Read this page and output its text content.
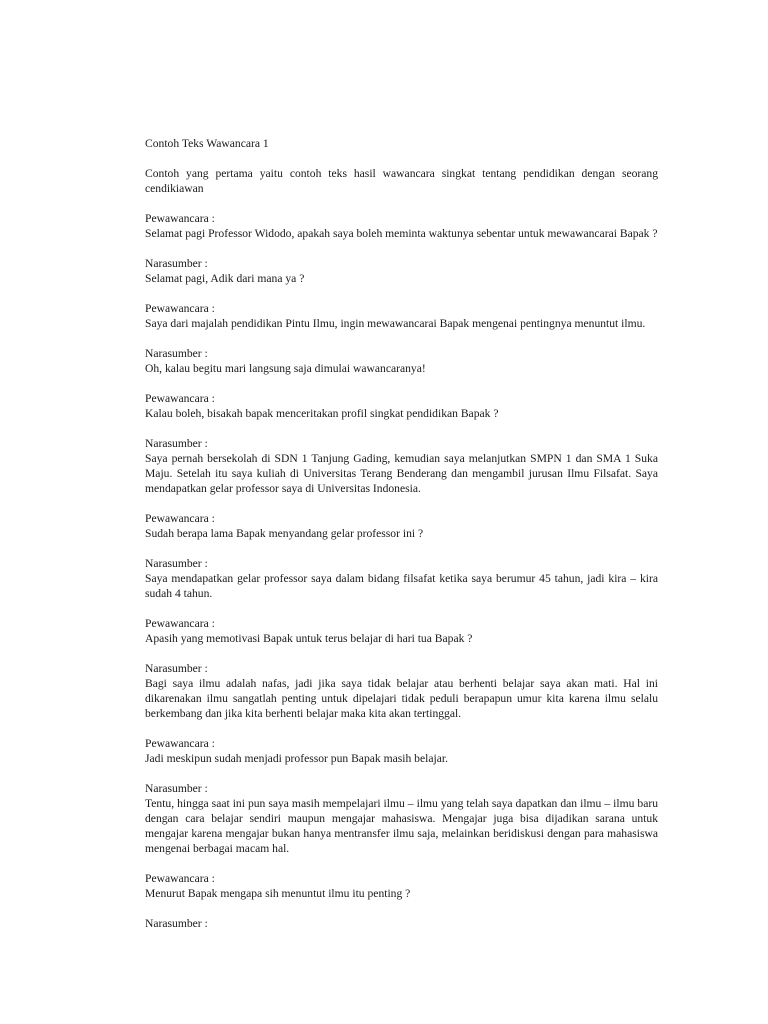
Contoh Teks Wawancara 1

Contoh yang pertama yaitu contoh teks hasil wawancara singkat tentang pendidikan dengan seorang cendikiawan

Pewawancara :
Selamat pagi Professor Widodo, apakah saya boleh meminta waktunya sebentar untuk mewawancarai Bapak ?
Narasumber :
Selamat pagi, Adik dari mana ya ?
Pewawancara :
Saya dari majalah pendidikan Pintu Ilmu, ingin mewawancarai Bapak mengenai pentingnya menuntut ilmu.
Narasumber :
Oh, kalau begitu mari langsung saja dimulai wawancaranya!
Pewawancara :
Kalau boleh, bisakah bapak menceritakan profil singkat pendidikan Bapak ?
Narasumber :
Saya pernah bersekolah di SDN 1 Tanjung Gading, kemudian saya melanjutkan SMPN 1 dan SMA 1 Suka Maju. Setelah itu saya kuliah di Universitas Terang Benderang dan mengambil jurusan Ilmu Filsafat. Saya mendapatkan gelar professor saya di Universitas Indonesia.
Pewawancara :
Sudah berapa lama Bapak menyandang gelar professor ini ?
Narasumber :
Saya mendapatkan gelar professor saya dalam bidang filsafat ketika saya berumur 45 tahun, jadi kira – kira sudah 4 tahun.
Pewawancara :
Apasih yang memotivasi Bapak untuk terus belajar di hari tua Bapak ?
Narasumber :
Bagi saya ilmu adalah nafas, jadi jika saya tidak belajar atau berhenti belajar saya akan mati. Hal ini dikarenakan ilmu sangatlah penting untuk dipelajari tidak peduli berapapun umur kita karena ilmu selalu berkembang dan jika kita berhenti belajar maka kita akan tertinggal.
Pewawancara :
Jadi meskipun sudah menjadi professor pun Bapak masih belajar.
Narasumber :
Tentu, hingga saat ini pun saya masih mempelajari ilmu – ilmu yang telah saya dapatkan dan ilmu – ilmu baru dengan cara belajar sendiri maupun mengajar mahasiswa. Mengajar juga bisa dijadikan sarana untuk mengajar karena mengajar bukan hanya mentransfer ilmu saja, melainkan beridiskusi dengan para mahasiswa mengenai berbagai macam hal.
Pewawancara :
Menurut Bapak mengapa sih menuntut ilmu itu penting ?
Narasumber :
